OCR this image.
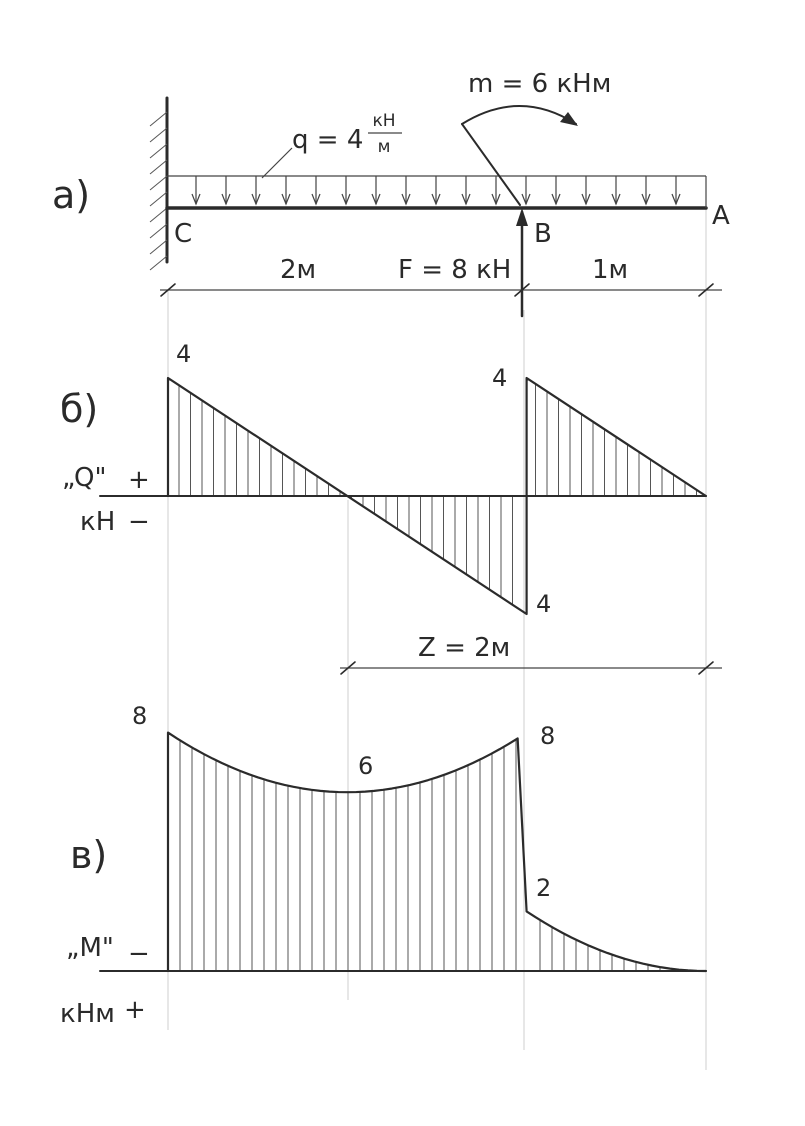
а)
q = 4
кН
м
m = 6 кНм
C	B
A
F = 8 кН
2м	1м
б)
„Q" +
кН −
4
4
4
Z = 2м
в)
„M" −
кНм +
8
6
8
2
